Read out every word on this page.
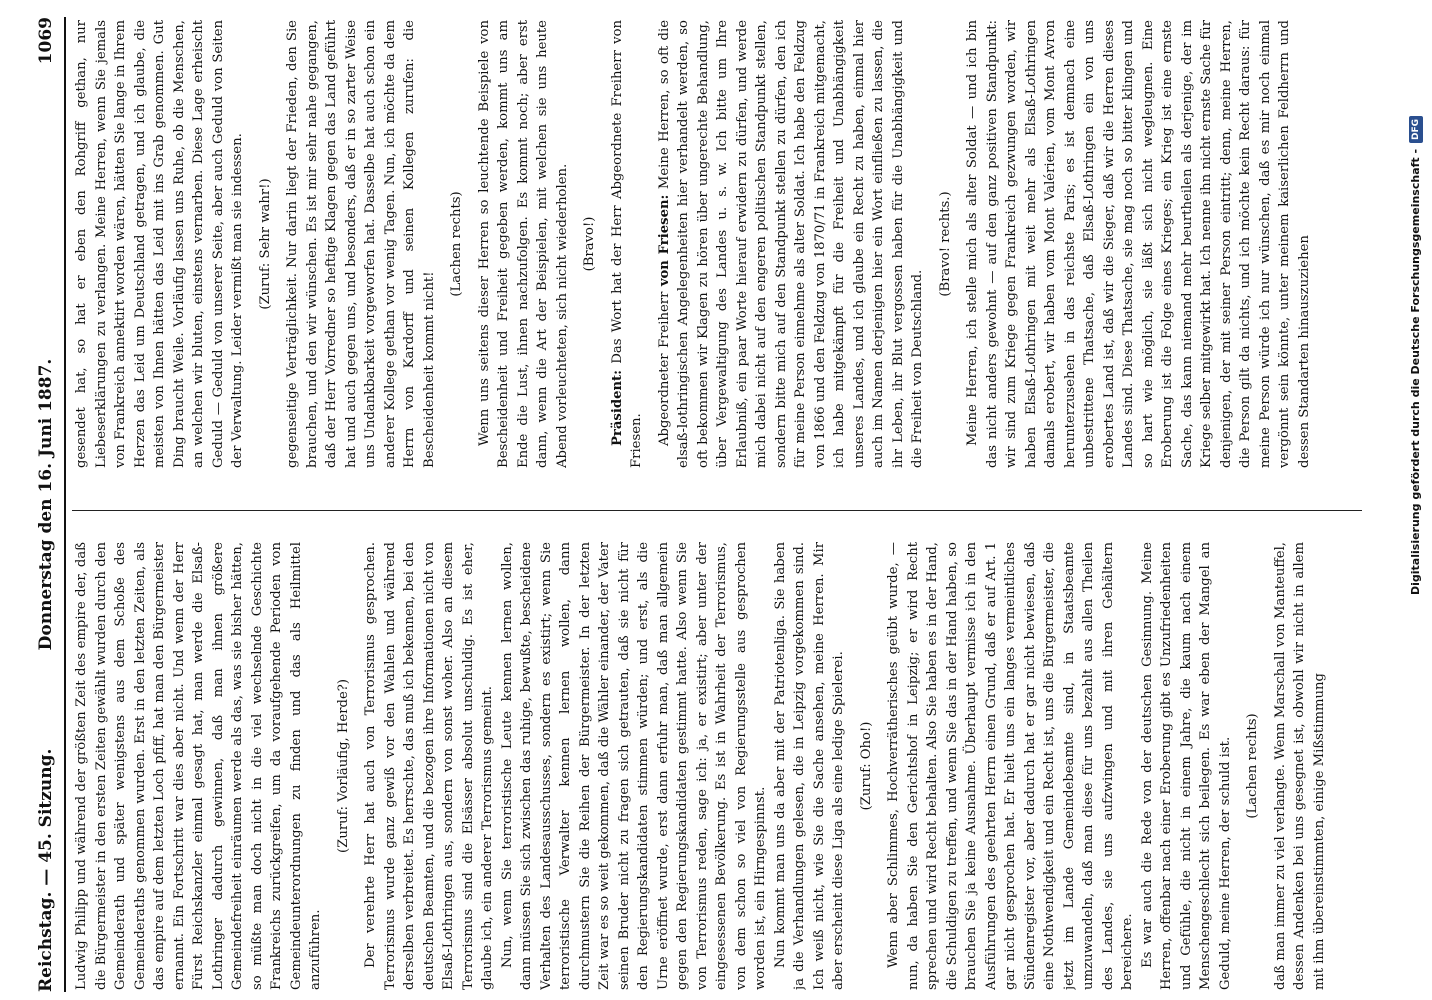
Reichstag. — 45. Sitzung.
Donnerstag den 16. Juni 1887.
1069

Ludwig Philipp und während der größten Zeit des empire der, daß die Bürgermeister in den ersten Zeiten gewählt wurden durch den Gemeinderath und später wenigstens aus dem Schoße des Gemeinderaths genommen wurden. Erst in den letzten Zeiten, als das empire auf dem letzten Loch pfiff, hat man den Bürgermeister ernannt. Ein Fortschritt war dies aber nicht. Und wenn der Herr Fürst Reichskanzler einmal gesagt hat, man werde die Elsaß-Lothringer dadurch gewinnen, daß man ihnen größere Gemeindefreiheit einräumen werde als das, was sie bisher hätten, so müßte man doch nicht in die viel wechselnde Geschichte Frankreichs zurückgreifen, um da voraufgehende Perioden von Gemeindeunterordnungen zu finden und das als Heilmittel anzuführen.

(Zuruf: Vorläufig, Herde?) Der verehrte Herr hat auch von Terrorismus gesprochen. Terrorismus wurde ganz gewiß vor den Wahlen und während derselben verbreitet. Es herrschte, das muß ich bekennen, bei den deutschen Beamten, und die bezogen ihre Informationen nicht von Elsaß-Lothringen aus, sondern von sonst woher. Also an diesem Terrorismus sind die Elsässer absolut unschuldig. Es ist eher, glaube ich, ein anderer Terrorismus gemeint. Nun, wenn Sie terroristische Leute kennen lernen wollen, dann müssen Sie sich zwischen das ruhige, bewußte, bescheidene Verhalten des Landesausschusses, sondern es existirt; wenn Sie terroristische Verwalter kennen lernen wollen, dann durchmustern Sie die Reihen der Bürgermeister. In der letzten Zeit war es so weit gekommen, daß die Wähler einander, der Vater seinen Bruder nicht zu fragen sich getrauten, daß sie nicht für den Regierungskandidaten stimmen würden; und erst, als die Urne eröffnet wurde, erst dann erfuhr man, daß man allgemein gegen den Regierungskandidaten gestimmt hatte. Also wenn Sie von Terrorismus reden, sage ich: ja, er existirt; aber unter der eingesessenen Bevölkerung. Es ist in Wahrheit der Terrorismus, von dem schon so viel von Regierungsstelle aus gesprochen worden ist, ein Hirngespinnst. Nun kommt man uns da aber mit der Patriotenliga. Sie haben ja die Verhandlungen gelesen, die in Leipzig vorgekommen sind. Ich weiß nicht, wie Sie die Sache ansehen, meine Herren. Mir aber erscheint diese Liga als eine ledige Spielerei. (Zuruf: Oho!) Wenn aber Schlimmes, Hochverrätherisches geübt wurde, — nun, da haben Sie den Gerichtshof in Leipzig; er wird Recht sprechen und wird Recht behalten. Also Sie haben es in der Hand, die Schuldigen zu treffen, und wenn Sie das in der Hand haben, so brauchen Sie ja keine Ausnahme. Überhaupt vermisse ich in den Ausführungen des geehrten Herrn einen Grund, daß er auf Art. 1 gar nicht gesprochen hat. Er hielt uns ein langes vermeintliches Sündenregister vor, aber dadurch hat er gar nicht bewiesen, daß eine Nothwendigkeit und ein Recht ist, uns die Bürgermeister, die jetzt im Lande Gemeindebeamte sind, in Staatsbeamte umzuwandeln, daß man diese für uns bezahlt aus allen Theilen des Landes, sie uns aufzwingen und mit ihren Gehältern bereichere. Es war auch die Rede von der deutschen Gesinnung. Meine Herren, offenbar nach einer Eroberung gibt es Unzufriedenheiten und Gefühle, die nicht in einem Jahre, die kaum nach einem Menschengeschlecht sich beilegen. Es war eben der Mangel an Geduld, meine Herren, der schuld ist. (Lachen rechts) daß man immer zu viel verlangte. Wenn Marschall von Manteuffel, dessen Andenken bei uns gesegnet ist, obwohl wir nicht in allem mit ihm übereinstimmten, einige Mißstimmung

gesendet hat, so hat er eben den Rohgriff gethan, nur Liebeserklärungen zu verlangen. Meine Herren, wenn Sie jemals von Frankreich annektirt worden wären, hätten Sie lange in Ihrem Herzen das Leid um Deutschland getragen, und ich glaube, die meisten von Ihnen hätten das Leid mit ins Grab genommen. Gut Ding braucht Weile. Vorläufig lassen uns Ruhe, ob die Menschen, an welchen wir bluten, einstens vernarben. Diese Lage erheischt Geduld — Geduld von unserer Seite, aber auch Geduld von Seiten der Verwaltung. Leider vermißt man sie indessen. (Zuruf: Sehr wahr!) gegenseitige Verträglichkeit. Nur darin liegt der Frieden, den Sie brauchen, und den wir wünschen. Es ist mir sehr nahe gegangen, daß der Herr Vorredner so heftige Klagen gegen das Land geführt hat und auch gegen uns, und besonders, daß er in so zarter Weise uns Undankbarkeit vorgeworfen hat. Dasselbe hat auch schon ein anderer Kollege gethan vor wenig Tagen. Nun, ich möchte da dem Herrn von Kardorff und seinen Kollegen zurufen: die Bescheidenheit kommt nicht!

(Lachen rechts) Wenn uns seitens dieser Herren so leuchtende Beispiele von Bescheidenheit und Freiheit gegeben werden, kommt uns am Ende die Lust, ihnen nachzufolgen. Es kommt noch; aber erst dann, wenn die Art der Beispielen, mit welchen sie uns heute Abend vorleuchteten, sich nicht wiederholen. (Bravo!)

Präsident: Das Wort hat der Herr Abgeordnete Freiherr von Friesen. Abgeordneter Freiherr von Friesen: Meine Herren, so oft die elsaß-lothringischen Angelegenheiten hier verhandelt werden, so oft bekommen wir Klagen zu hören über ungerechte Behandlung, über Vergewaltigung des Landes u. s. w. Ich bitte um Ihre Erlaubniß, ein paar Worte hierauf erwidern zu dürfen, und werde mich dabei nicht auf den engeren politischen Standpunkt stellen, sondern bitte mich auf den Standpunkt stellen zu dürfen, den ich für meine Person einnehme als alter Soldat. Ich habe den Feldzug von 1866 und den Feldzug von 1870/71 in Frankreich mitgemacht, ich habe mitgekämpft für die Freiheit und Unabhängigkeit unseres Landes, und ich glaube ein Recht zu haben, einmal hier auch im Namen derjenigen hier ein Wort einfließen zu lassen, die ihr Leben, ihr Blut vergossen haben für die Unabhängigkeit und die Freiheit von Deutschland.

(Bravo! rechts.) Meine Herren, ich stelle mich als alter Soldat — und ich bin das nicht anders gewohnt — auf den ganz positiven Standpunkt: wir sind zum Kriege gegen Frankreich gezwungen worden, wir haben Elsaß-Lothringen mit weit mehr als Elsaß-Lothringen damals erobert, wir haben vom Mont Valérien, vom Mont Avron herunterzusehen in das reichste Paris; es ist demnach eine unbestrittene Thatsache, daß Elsaß-Lothringen ein von uns erobertes Land ist, daß wir die Sieger, daß wir die Herren dieses Landes sind. Diese Thatsache, sie mag noch so bitter klingen und so hart wie möglich, sie läßt sich nicht wegleugnen. Eine Eroberung ist die Folge eines Krieges; ein Krieg ist eine ernste Sache, das kann niemand mehr beurtheilen als derjenige, der im Kriege selber mitgewirkt hat. Ich nenne ihn nicht ernste Sache für denjenigen, der mit seiner Person eintritt; denn, meine Herren, die Person gilt da nichts, und ich möchte kein Recht daraus: für meine Person würde ich nur wünschen, daß es mir noch einmal vergönnt sein könnte, unter meinem kaiserlichen Feldherrn und dessen Standarten hinauszuziehen	Digitalisierung gefördert durch die Deutsche Forschungsgemeinschaft -
DFG
